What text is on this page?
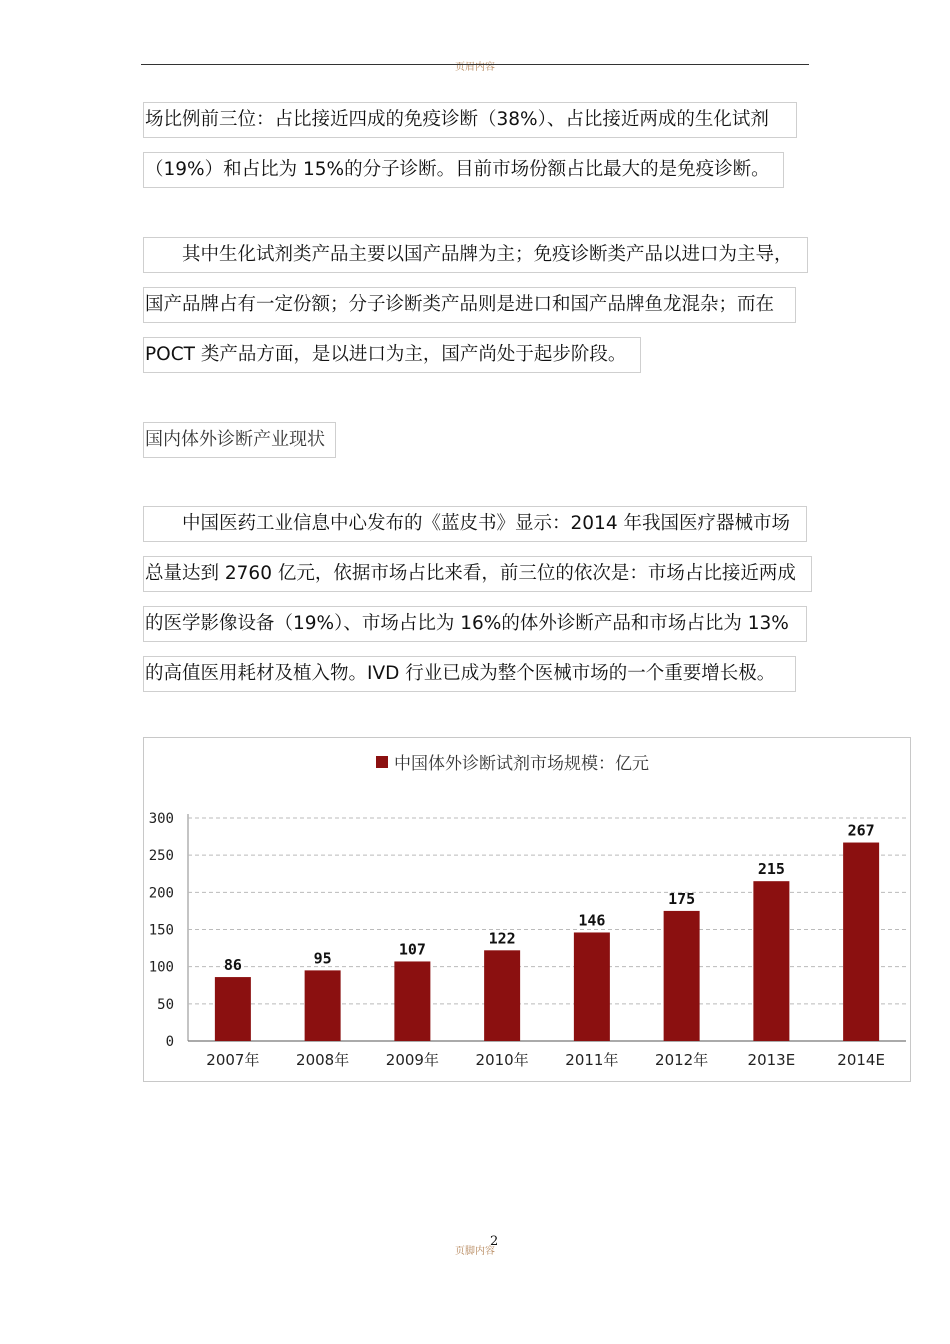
页眉内容
场比例前三位：占比接近四成的免疫诊断（38%）、占比接近两成的生化试剂
（19%）和占比为 15%的分子诊断。目前市场份额占比最大的是免疫诊断。
　　其中生化试剂类产品主要以国产品牌为主；免疫诊断类产品以进口为主导，
国产品牌占有一定份额；分子诊断类产品则是进口和国产品牌鱼龙混杂；而在
POCT 类产品方面，是以进口为主，国产尚处于起步阶段。
国内体外诊断产业现状
　　中国医药工业信息中心发布的《蓝皮书》显示：2014 年我国医疗器械市场
总量达到 2760 亿元，依据市场占比来看，前三位的依次是：市场占比接近两成
的医学影像设备（19%）、市场占比为 16%的体外诊断产品和市场占比为 13%
的高值医用耗材及植入物。IVD 行业已成为整个医械市场的一个重要增长极。
中国体外诊断试剂市场规模：亿元
0
50
100
150
200
250
300
86
2007年
95
2008年
107
2009年
122
2010年
146
2011年
175
2012年
215
2013E
267
2014E
页脚内容
2
